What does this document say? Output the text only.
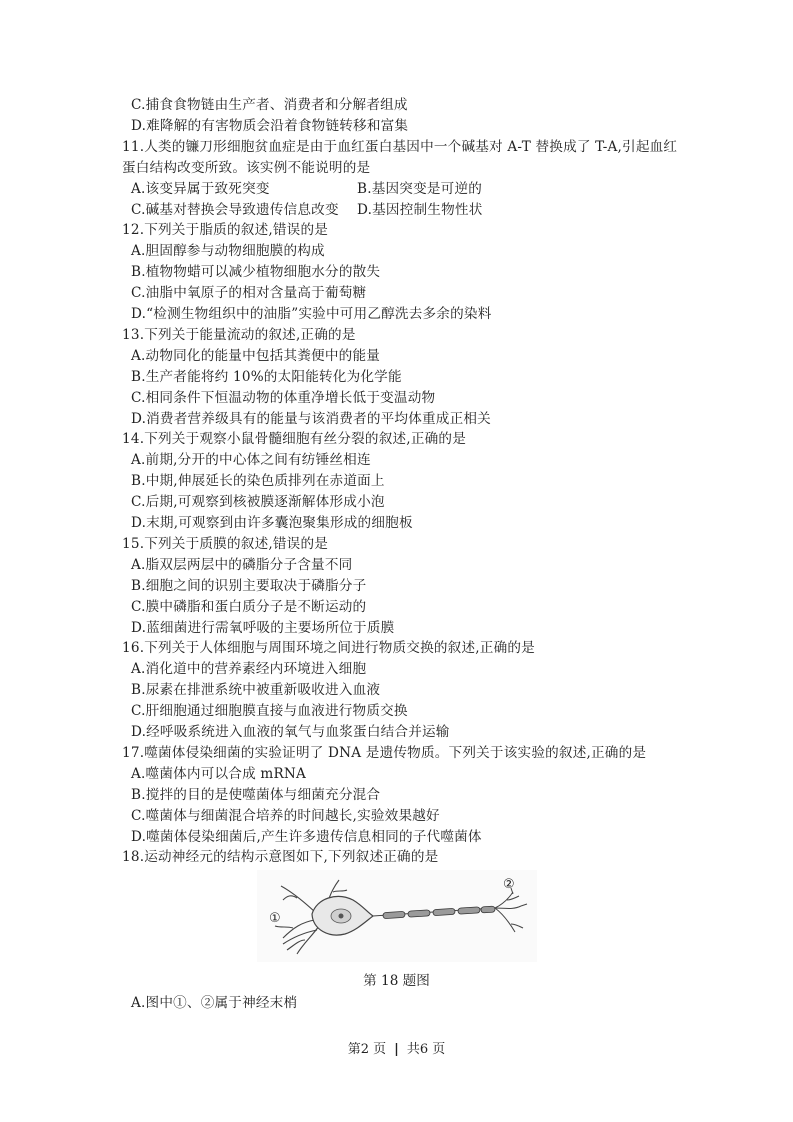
C.捕食食物链由生产者、消费者和分解者组成
D.难降解的有害物质会沿着食物链转移和富集
11.人类的镰刀形细胞贫血症是由于血红蛋白基因中一个碱基对 A-T 替换成了 T-A,引起血红
蛋白结构改变所致。该实例不能说明的是
A.该变异属于致死突变	B.基因突变是可逆的
C.碱基对替换会导致遗传信息改变 D.基因控制生物性状
12.下列关于脂质的叙述,错误的是
A.胆固醇参与动物细胞膜的构成
B.植物物蜡可以减少植物细胞水分的散失
C.油脂中氧原子的相对含量高于葡萄糖
D.“检测生物组织中的油脂”实验中可用乙醇洗去多余的染料
13.下列关于能量流动的叙述,正确的是
A.动物同化的能量中包括其粪便中的能量
B.生产者能将约 10%的太阳能转化为化学能
C.相同条件下恒温动物的体重净增长低于变温动物
D.消费者营养级具有的能量与该消费者的平均体重成正相关
14.下列关于观察小鼠骨髓细胞有丝分裂的叙述,正确的是
A.前期,分开的中心体之间有纺锤丝相连
B.中期,伸展延长的染色质排列在赤道面上
C.后期,可观察到核被膜逐渐解体形成小泡
D.末期,可观察到由许多囊泡聚集形成的细胞板
15.下列关于质膜的叙述,错误的是
A.脂双层两层中的磷脂分子含量不同
B.细胞之间的识别主要取决于磷脂分子
C.膜中磷脂和蛋白质分子是不断运动的
D.蓝细菌进行需氧呼吸的主要场所位于质膜
16.下列关于人体细胞与周围环境之间进行物质交换的叙述,正确的是
A.消化道中的营养素经内环境进入细胞
B.尿素在排泄系统中被重新吸收进入血液
C.肝细胞通过细胞膜直接与血液进行物质交换
D.经呼吸系统进入血液的氧气与血浆蛋白结合并运输
17.噬菌体侵染细菌的实验证明了 DNA 是遗传物质。下列关于该实验的叙述,正确的是
A.噬菌体内可以合成 mRNA
B.搅拌的目的是使噬菌体与细菌充分混合
C.噬菌体与细菌混合培养的时间越长,实验效果越好
D.噬菌体侵染细菌后,产生许多遗传信息相同的子代噬菌体
18.运动神经元的结构示意图如下,下列叙述正确的是
①
②
第 18 题图
A.图中①、②属于神经末梢
第2 页 | 共6 页
